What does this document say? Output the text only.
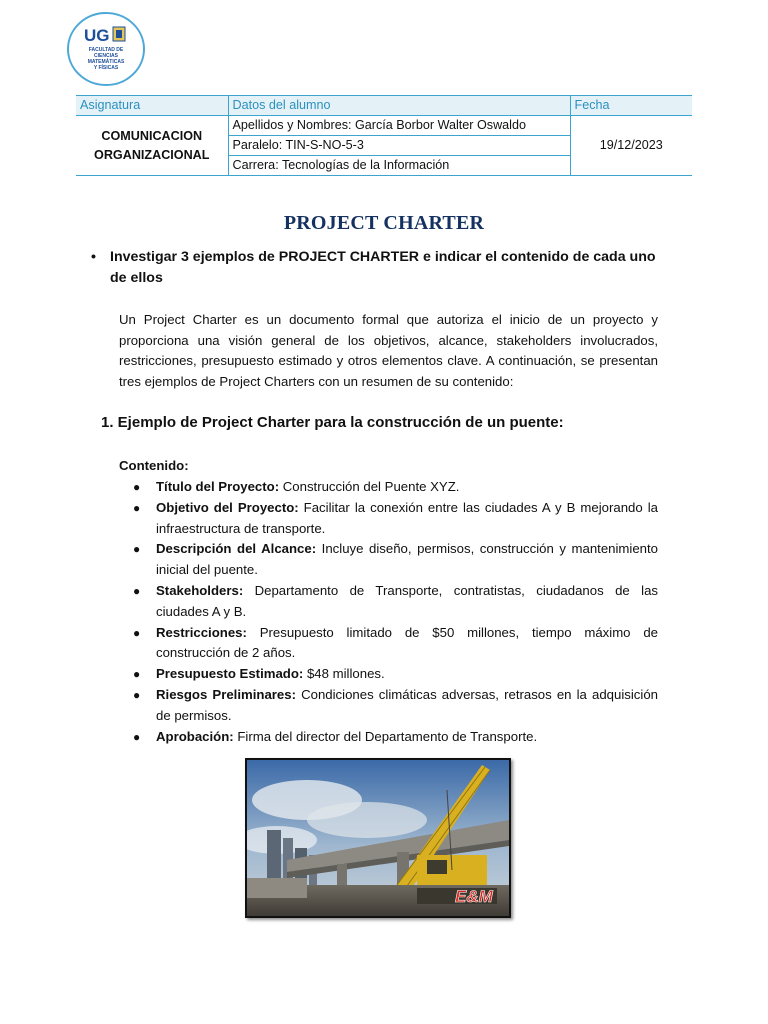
UG
FACULTAD DE
CIENCIAS
MATEMÁTICAS
Y FÍSICAS
Asignatura	Datos del alumno	Fecha
COMUNICACION
ORGANIZACIONAL	Apellidos y Nombres: García Borbor Walter Oswaldo	19/12/2023
	Paralelo: TIN-S-NO-5-3	
	Carrera: Tecnologías de la Información	
PROJECT CHARTER
• Investigar 3 ejemplos de PROJECT CHARTER e indicar el contenido de cada uno de ellos
Un Project Charter es un documento formal que autoriza el inicio de un proyecto y proporciona una visión general de los objetivos, alcance, stakeholders involucrados, restricciones, presupuesto estimado y otros elementos clave. A continuación, se presentan tres ejemplos de Project Charters con un resumen de su contenido:
1. Ejemplo de Project Charter para la construcción de un puente:
Contenido:
● Título del Proyecto: Construcción del Puente XYZ.
● Objetivo del Proyecto: Facilitar la conexión entre las ciudades A y B mejorando la infraestructura de transporte.
● Descripción del Alcance: Incluye diseño, permisos, construcción y mantenimiento inicial del puente.
● Stakeholders: Departamento de Transporte, contratistas, ciudadanos de las ciudades A y B.
● Restricciones: Presupuesto limitado de $50 millones, tiempo máximo de construcción de 2 años.
● Presupuesto Estimado: $48 millones.
● Riesgos Preliminares: Condiciones climáticas adversas, retrasos en la adquisición de permisos.
● Aprobación: Firma del director del Departamento de Transporte.
E&M
